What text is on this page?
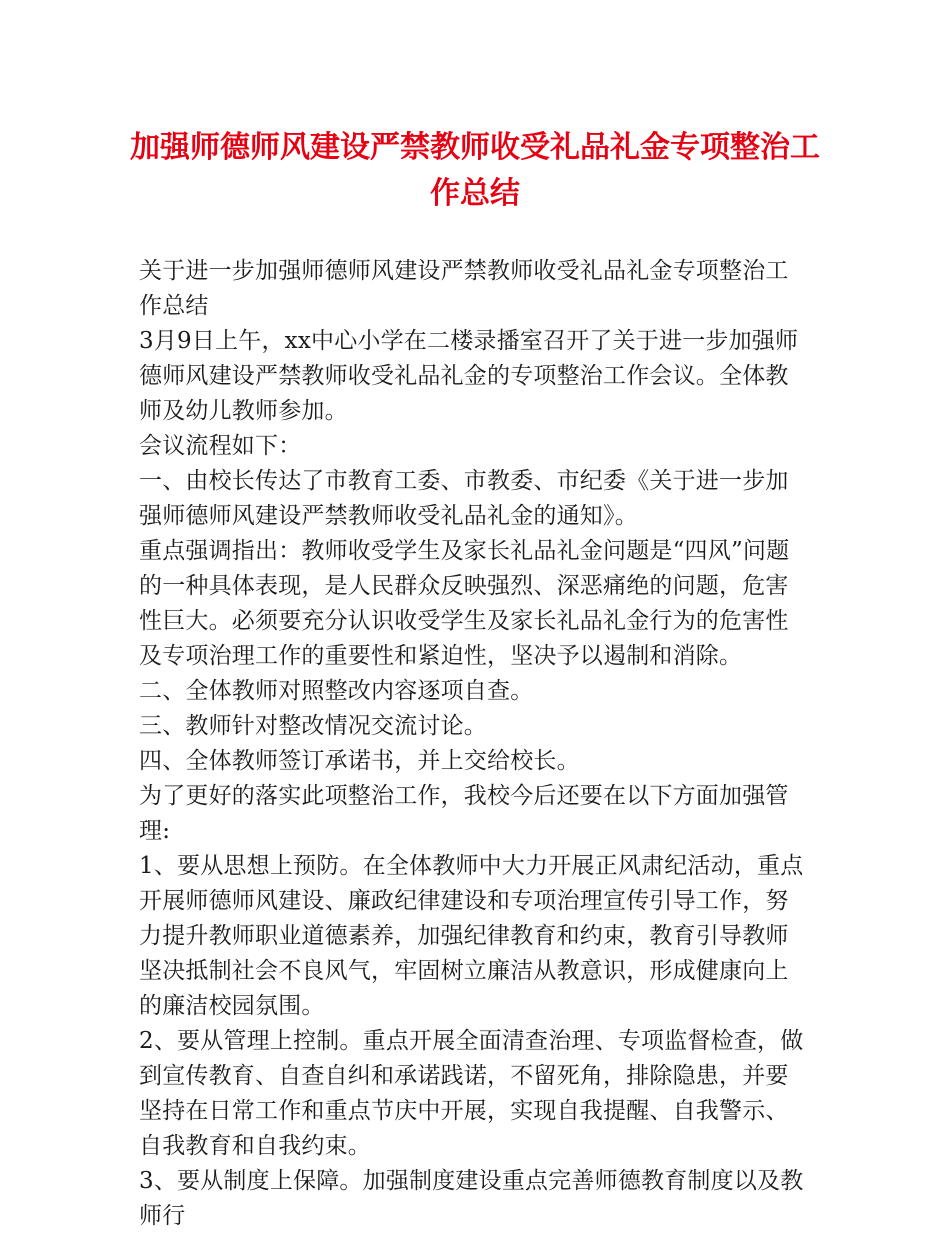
加强师德师风建设严禁教师收受礼品礼金专项整治工作总结

关于进一步加强师德师风建设严禁教师收受礼品礼金专项整治工作总结

3月9日上午，xx中心小学在二楼录播室召开了关于进一步加强师德师风建设严禁教师收受礼品礼金的专项整治工作会议。全体教师及幼儿教师参加。

会议流程如下：

一、由校长传达了市教育工委、市教委、市纪委《关于进一步加强师德师风建设严禁教师收受礼品礼金的通知》。

重点强调指出：教师收受学生及家长礼品礼金问题是“四风”问题的一种具体表现，是人民群众反映强烈、深恶痛绝的问题，危害性巨大。必须要充分认识收受学生及家长礼品礼金行为的危害性及专项治理工作的重要性和紧迫性，坚决予以遏制和消除。

二、全体教师对照整改内容逐项自查。

三、教师针对整改情况交流讨论。

四、全体教师签订承诺书，并上交给校长。

为了更好的落实此项整治工作，我校今后还要在以下方面加强管理:

1、要从思想上预防。在全体教师中大力开展正风肃纪活动，重点开展师德师风建设、廉政纪律建设和专项治理宣传引导工作，努力提升教师职业道德素养，加强纪律教育和约束，教育引导教师坚决抵制社会不良风气，牢固树立廉洁从教意识，形成健康向上的廉洁校园氛围。

2、要从管理上控制。重点开展全面清查治理、专项监督检查，做到宣传教育、自查自纠和承诺践诺，不留死角，排除隐患，并要坚持在日常工作和重点节庆中开展，实现自我提醒、自我警示、自我教育和自我约束。

3、要从制度上保障。加强制度建设重点完善师德教育制度以及教师行
